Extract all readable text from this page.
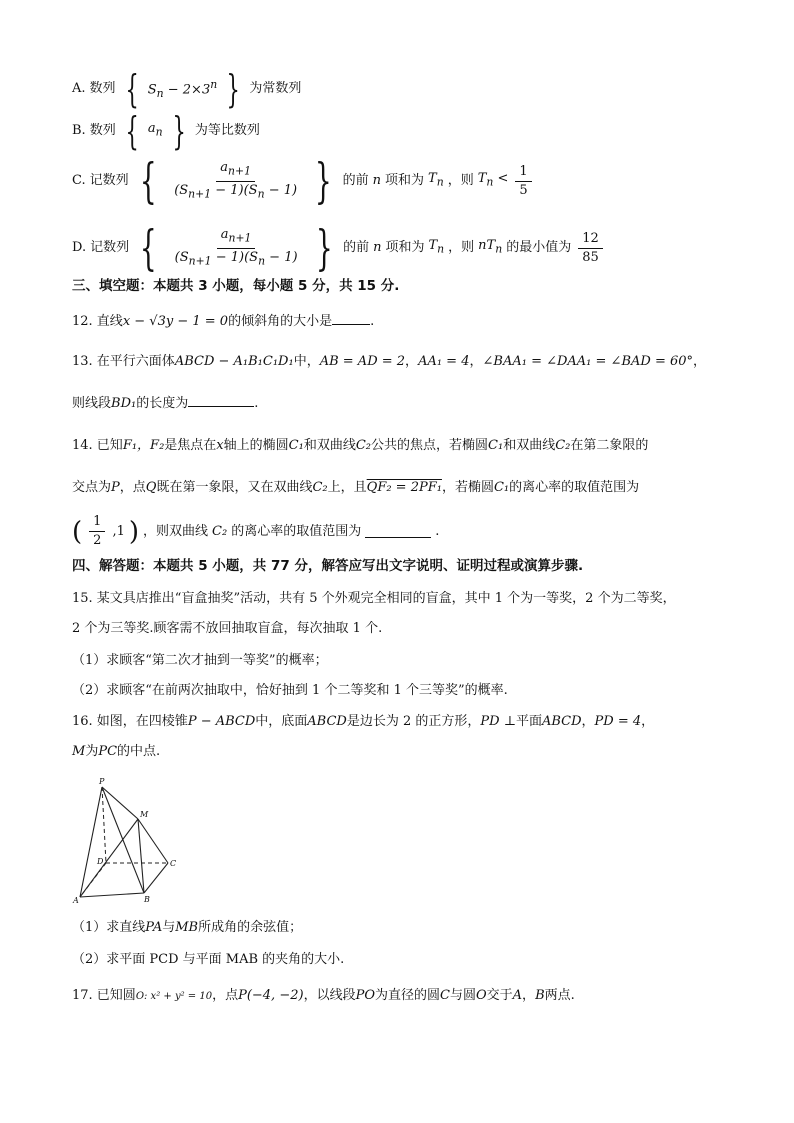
A. 数列 { $S_n - 2\times 3^n$ } 为常数列
B. 数列 { $a_n$ } 为等比数列
C. 记数列 { $\frac{a_{n+1}}{(S_{n+1} - 1)(S_n - 1)}$ } 的前 n 项和为 $T_n$ ，则 $T_n < \frac{1}{5}$
D. 记数列 { $\frac{a_{n+1}}{(S_{n+1} - 1)(S_n - 1)}$ } 的前 n 项和为 $T_n$ ，则 $nT_n$ 的最小值为 $\frac{12}{85}$
三、填空题：本题共 3 小题，每小题 5 分，共 15 分.
12. 直线x − √3y − 1 = 0的倾斜角的大小是	.
13. 在平行六面体ABCD − A₁B₁C₁D₁中，AB = AD = 2，AA₁ = 4，∠BAA₁ = ∠DAA₁ = ∠BAD = 60°，
则线段BD₁的长度为	.
14. 已知F₁，F₂是焦点在x轴上的椭圆C₁和双曲线C₂公共的焦点，若椭圆C₁和双曲线C₂在第二象限的
交点为P，点Q既在第一象限，又在双曲线C₂上，且QF₂ = 2PF₁，若椭圆C₁的离心率的取值范围为
( $\frac{1}{2} ,1$ ) ，则双曲线 C₂ 的离心率的取值范围为	.
四、解答题：本题共 5 小题，共 77 分，解答应写出文字说明、证明过程或演算步骤.
15. 某文具店推出“盲盒抽奖”活动，共有 5 个外观完全相同的盲盒，其中 1 个为一等奖，2 个为二等奖，
2 个为三等奖.顾客需不放回抽取盲盒，每次抽取 1 个.
（1）求顾客“第二次才抽到一等奖”的概率；
（2）求顾客“在前两次抽取中，恰好抽到 1 个二等奖和 1 个三等奖”的概率.
16. 如图，在四棱锥P − ABCD中，底面ABCD是边长为 2 的正方形，PD ⊥平面ABCD，PD = 4，
M为PC的中点.
P
M
D	C
A	B
（1）求直线PA与MB所成角的余弦值；
（2）求平面 PCD 与平面 MAB 的夹角的大小.
17. 已知圆O: x² + y² = 10，点P(−4, −2)，以线段PO为直径的圆C与圆O交于A，B两点.
